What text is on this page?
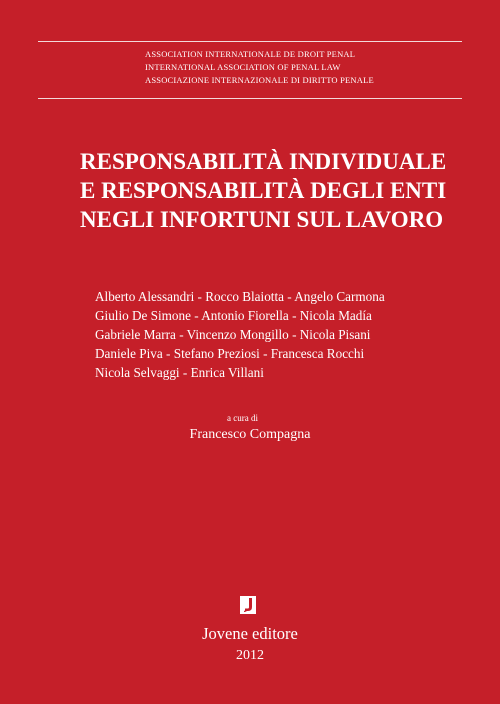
ASSOCIATION INTERNATIONALE DE DROIT PENAL
INTERNATIONAL ASSOCIATION OF PENAL LAW
ASSOCIAZIONE INTERNAZIONALE DI DIRITTO PENALE
RESPONSABILITÀ INDIVIDUALE
E RESPONSABILITÀ DEGLI ENTI
NEGLI INFORTUNI SUL LAVORO
Alberto Alessandri - Rocco Blaiotta - Angelo Carmona
Giulio De Simone - Antonio Fiorella - Nicola Madía
Gabriele Marra - Vincenzo Mongillo - Nicola Pisani
Daniele Piva - Stefano Preziosi - Francesca Rocchi
Nicola Selvaggi - Enrica Villani
a cura di
Francesco Compagna
Jovene editore
2012
